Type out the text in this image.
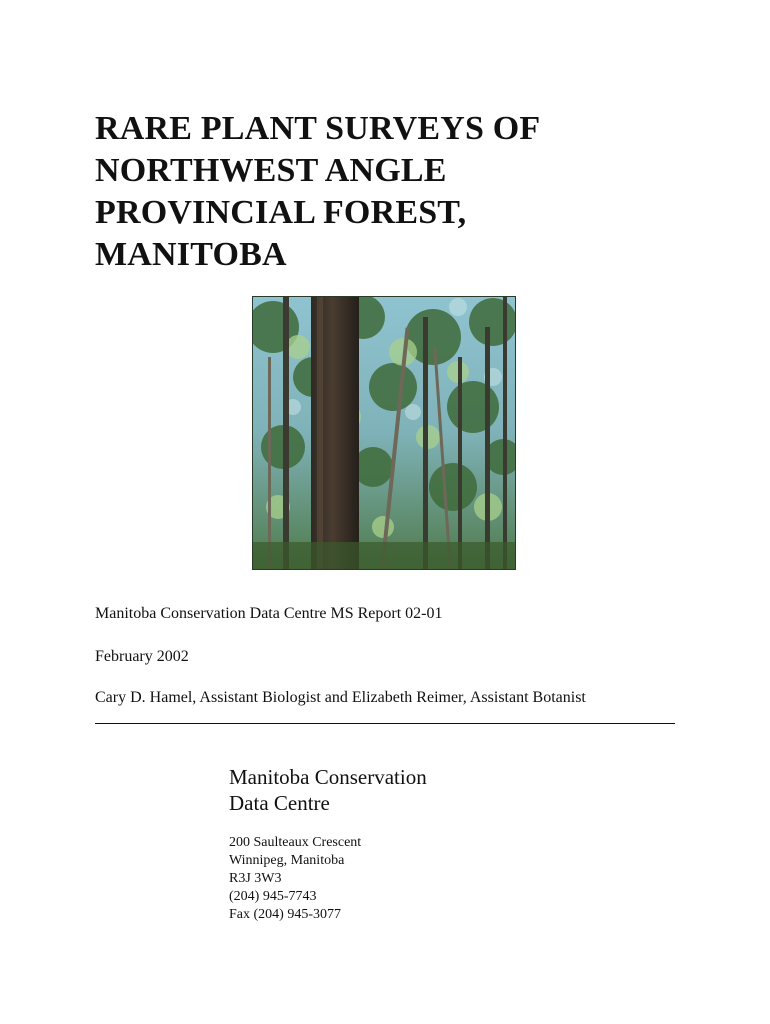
RARE PLANT SURVEYS OF
NORTHWEST ANGLE
PROVINCIAL FOREST,
MANITOBA
Manitoba Conservation Data Centre MS Report 02-01
February 2002
Cary D. Hamel, Assistant Biologist and Elizabeth Reimer, Assistant Botanist
Manitoba Conservation
Data Centre
200 Saulteaux Crescent
Winnipeg, Manitoba
R3J 3W3
(204) 945-7743
Fax (204) 945-3077
